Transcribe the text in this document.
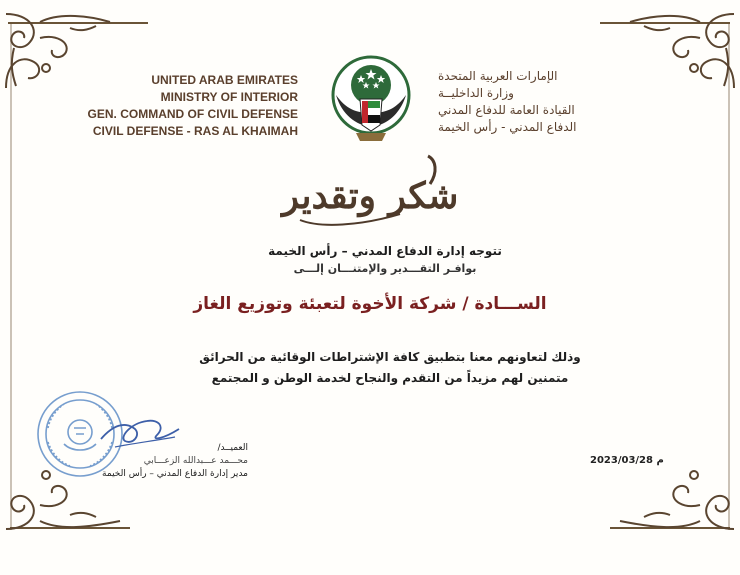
UNITED ARAB EMIRATES
MINISTRY OF INTERIOR
GEN. COMMAND OF CIVIL DEFENSE
CIVIL DEFENSE - RAS AL KHAIMAH
الإمارات العربية المتحدة
وزارة الداخليــة
القيادة العامة للدفاع المدني
الدفاع المدني - رأس الخيمة
شكر وتقدير
تتوجه إدارة الدفاع المدني – رأس الخيمة
بوافـر التقـــدير والإمتنـــان إلـــى
الســـادة / شركة الأخوة لتعبئة وتوزيع الغاز
وذلك لتعاونهم معنا بتطبيق كافة الإشتراطات الوقائية من الحرائق
متمنين لهم مزيداً من التقدم والنجاح لخدمة الوطن و المجتمع
العميــد/
محـــمد عـــبدالله الزعـــابي
مدير إدارة الدفاع المدني – رأس الخيمة
2023/03/28 م
